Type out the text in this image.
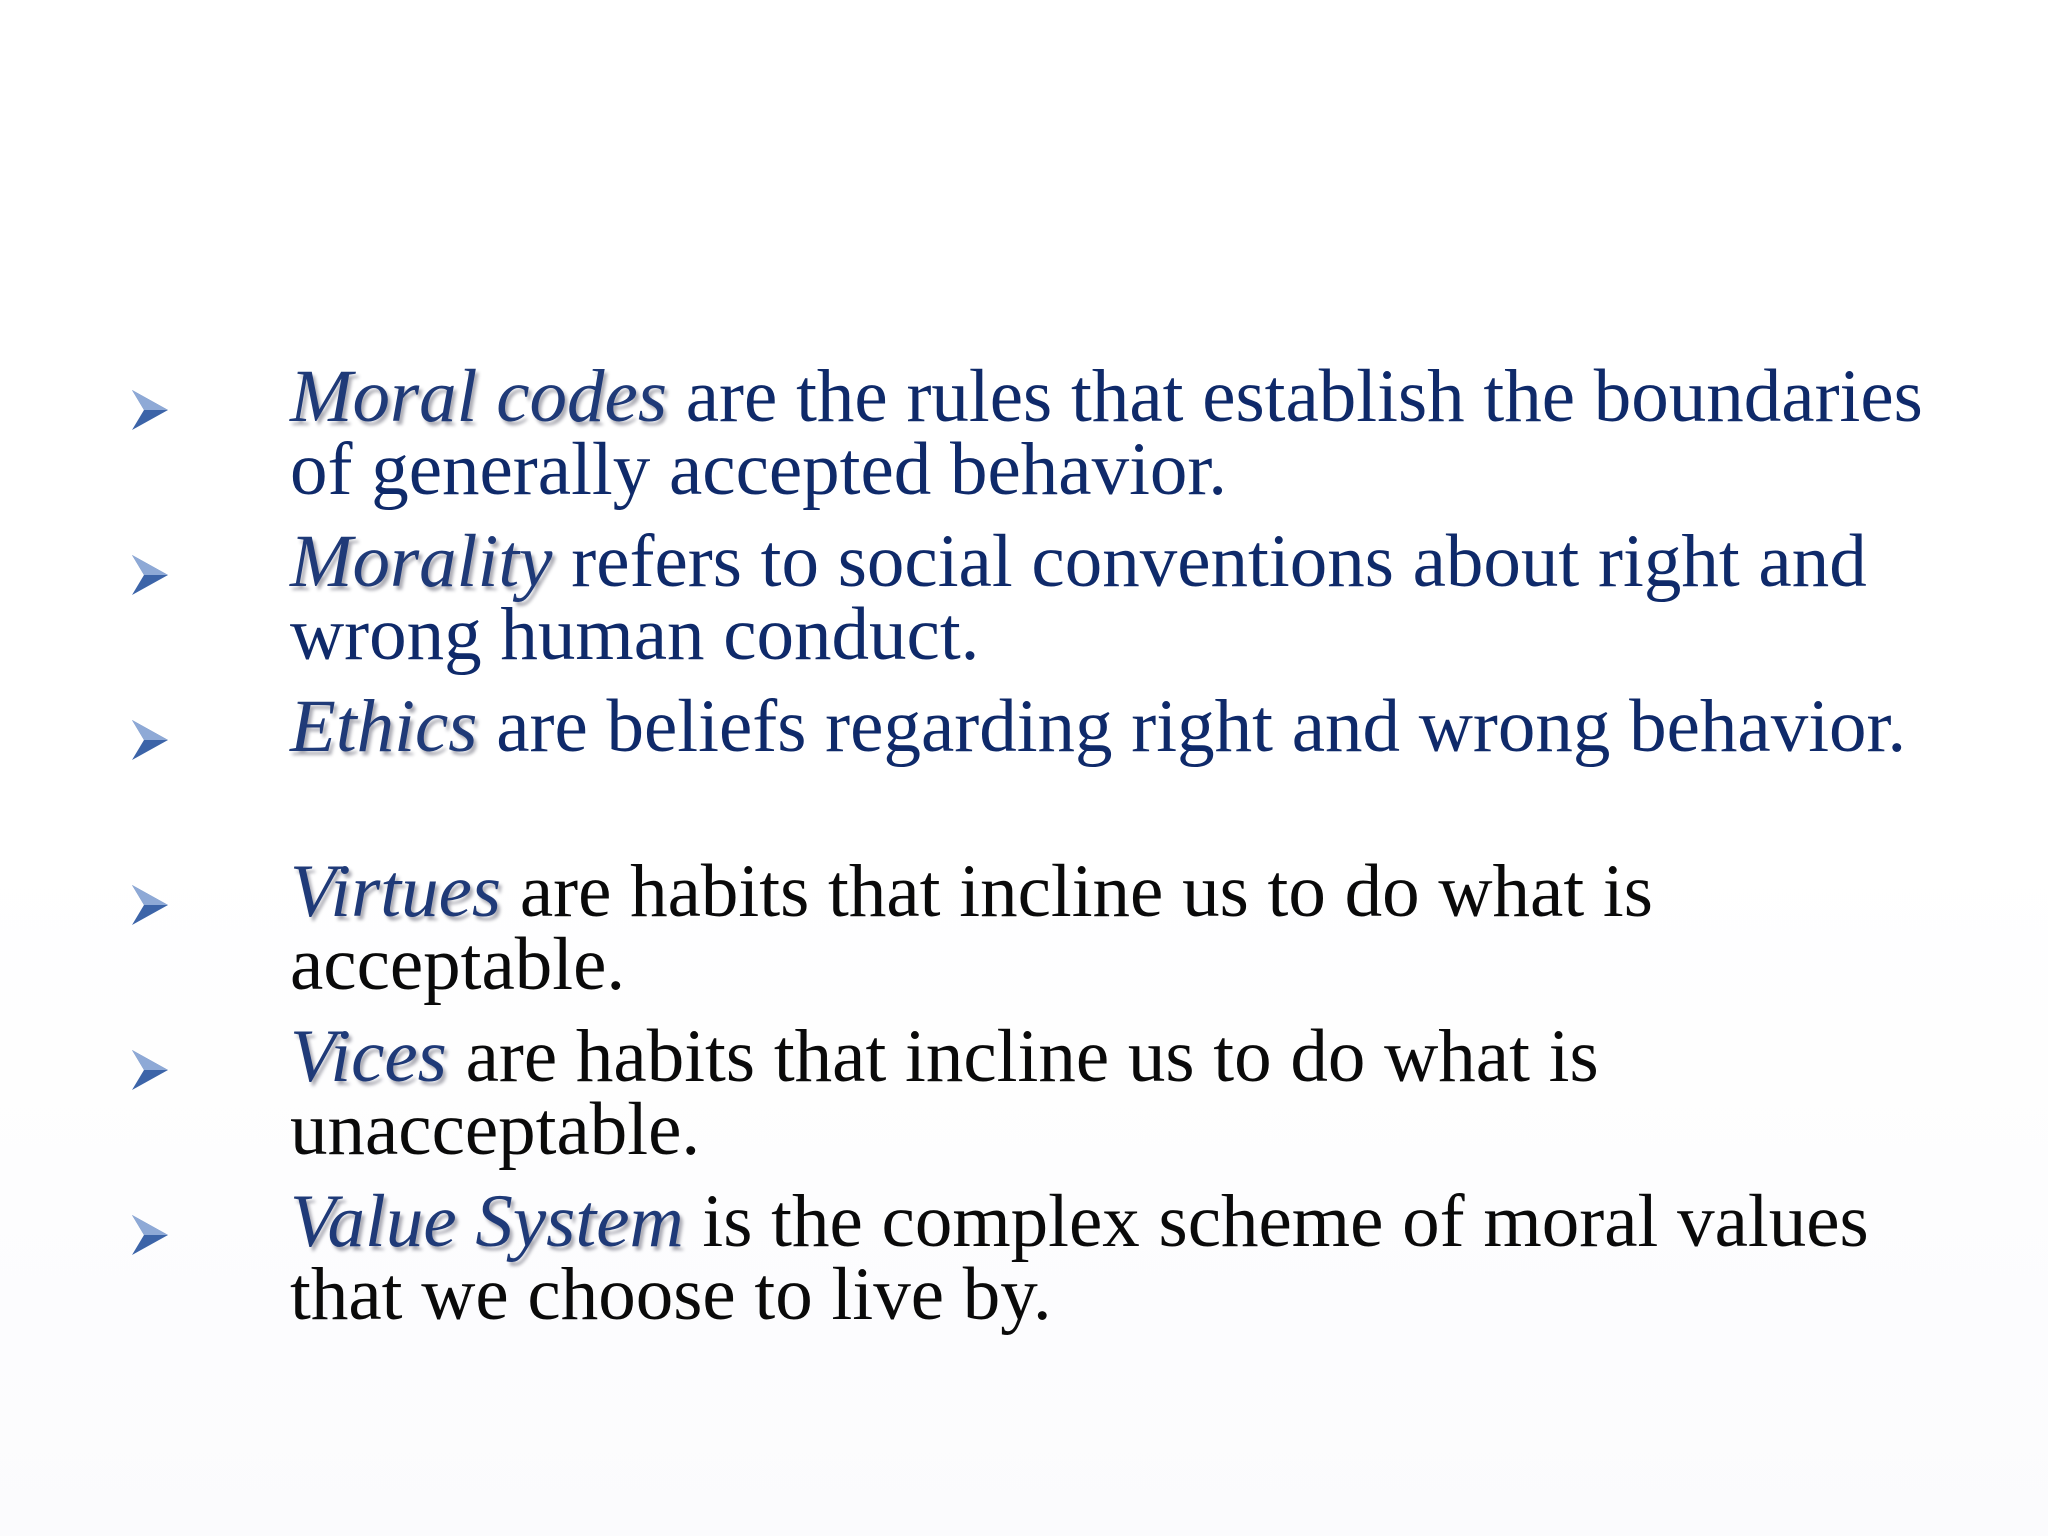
Moral codes are the rules that establish the boundaries of generally accepted behavior.

Morality refers to social conventions about right and wrong human conduct.

Ethics are beliefs regarding right and wrong behavior.

Virtues are habits that incline us to do what is acceptable.

Vices are habits that incline us to do what is unacceptable.

Value System is the complex scheme of moral values that we choose to live by.
